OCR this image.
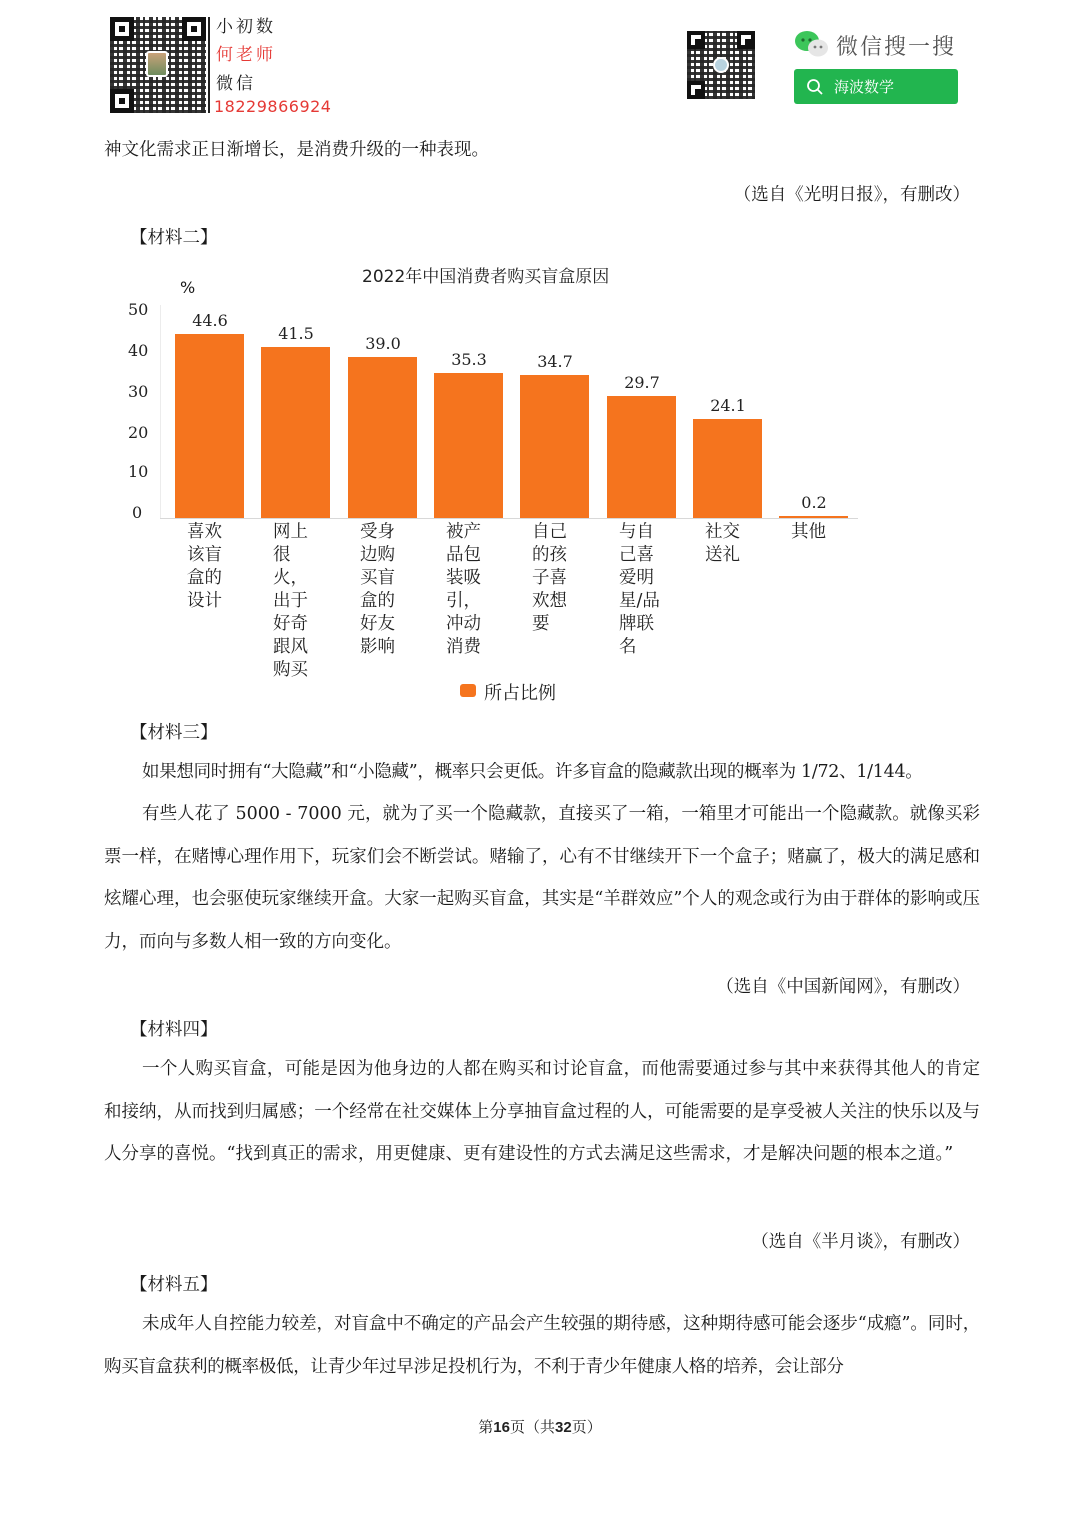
小初数
何老师
微信
18229866924
微信搜一搜
海波数学
神文化需求正日渐增长，是消费升级的一种表现。
（选自《光明日报》，有删改）
【材料二】
2022年中国消费者购买盲盒原因
%
50
40
30
20
10
0
44.6
喜欢该盲盒的设计
41.5
网上很火，出于好奇跟风购买
39.0
受身边购买盲盒的好友影响
35.3
被产品包装吸引，冲动消费
34.7
自己的孩子喜欢想要
29.7
与自己喜爱明星/品牌联名
24.1
社交送礼
0.2
其他
所占比例
【材料三】
如果想同时拥有“大隐藏”和“小隐藏”，概率只会更低。许多盲盒的隐藏款出现的概率为 1/72、1/144。
有些人花了 5000 - 7000 元，就为了买一个隐藏款，直接买了一箱，一箱里才可能出一个隐藏款。就像买彩票一样，在赌博心理作用下，玩家们会不断尝试。赌输了，心有不甘继续开下一个盒子；赌赢了，极大的满足感和炫耀心理，也会驱使玩家继续开盒。大家一起购买盲盒，其实是“羊群效应”个人的观念或行为由于群体的影响或压力，而向与多数人相一致的方向变化。
（选自《中国新闻网》，有删改）
【材料四】
一个人购买盲盒，可能是因为他身边的人都在购买和讨论盲盒，而他需要通过参与其中来获得其他人的肯定和接纳，从而找到归属感；一个经常在社交媒体上分享抽盲盒过程的人，可能需要的是享受被人关注的快乐以及与人分享的喜悦。“找到真正的需求，用更健康、更有建设性的方式去满足这些需求，才是解决问题的根本之道。”
（选自《半月谈》，有删改）
【材料五】
未成年人自控能力较差，对盲盒中不确定的产品会产生较强的期待感，这种期待感可能会逐步“成瘾”。同时，购买盲盒获利的概率极低，让青少年过早涉足投机行为，不利于青少年健康人格的培养，会让部分
第16页（共32页）
